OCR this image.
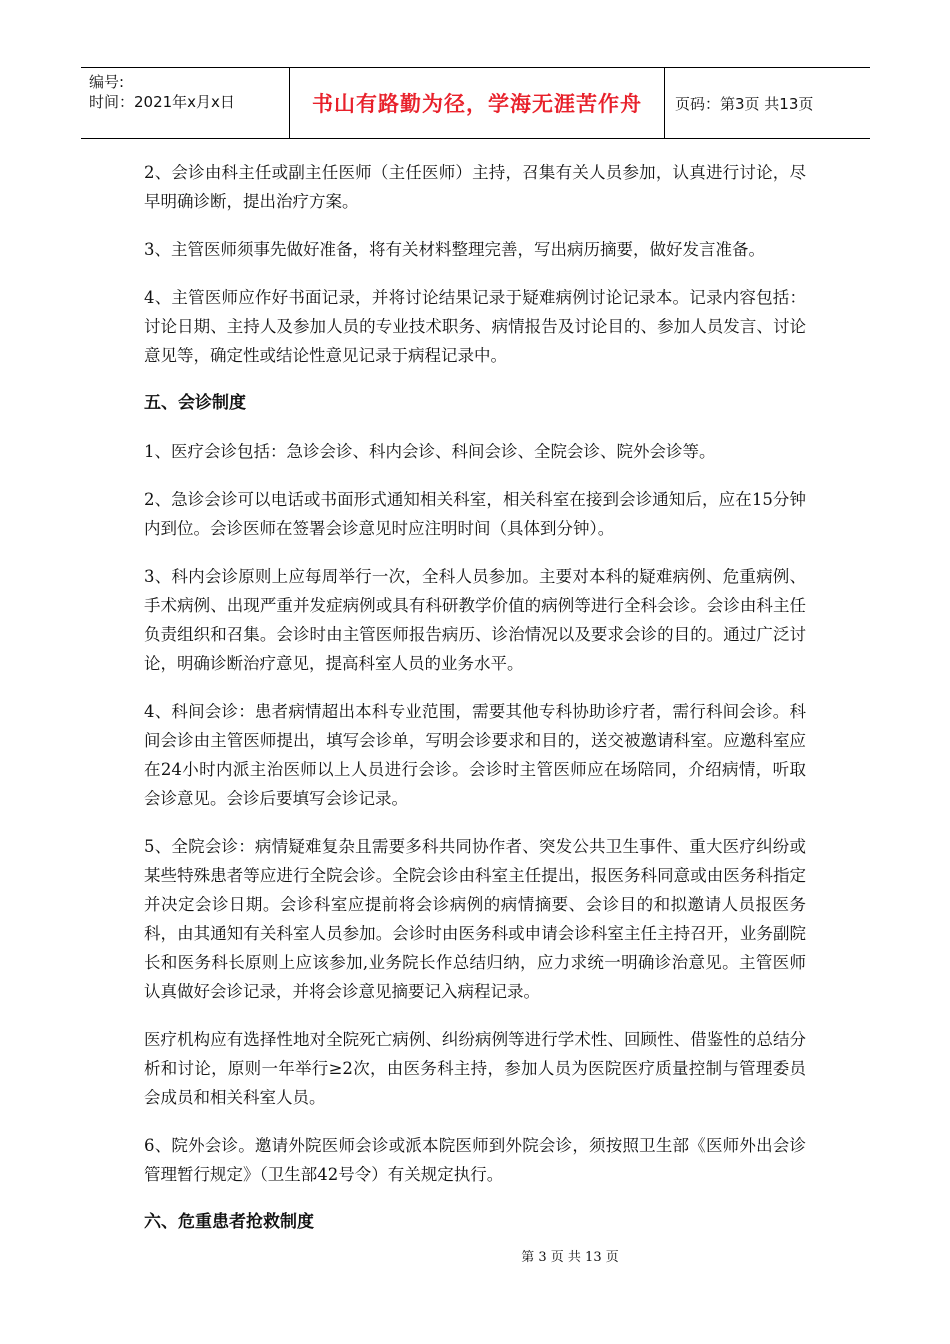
编号:
时间：2021年x月x日	书山有路勤为径，学海无涯苦作舟	页码：第3页 共13页

2、会诊由科主任或副主任医师（主任医师）主持，召集有关人员参加，认真进行讨论，尽早明确诊断，提出治疗方案。

3、主管医师须事先做好准备，将有关材料整理完善，写出病历摘要，做好发言准备。

4、主管医师应作好书面记录，并将讨论结果记录于疑难病例讨论记录本。记录内容包括：讨论日期、主持人及参加人员的专业技术职务、病情报告及讨论目的、参加人员发言、讨论意见等，确定性或结论性意见记录于病程记录中。

五、会诊制度

1、医疗会诊包括：急诊会诊、科内会诊、科间会诊、全院会诊、院外会诊等。

2、急诊会诊可以电话或书面形式通知相关科室，相关科室在接到会诊通知后，应在15分钟内到位。会诊医师在签署会诊意见时应注明时间（具体到分钟）。

3、科内会诊原则上应每周举行一次，全科人员参加。主要对本科的疑难病例、危重病例、手术病例、出现严重并发症病例或具有科研教学价值的病例等进行全科会诊。会诊由科主任负责组织和召集。会诊时由主管医师报告病历、诊治情况以及要求会诊的目的。通过广泛讨论，明确诊断治疗意见，提高科室人员的业务水平。

4、科间会诊：患者病情超出本科专业范围，需要其他专科协助诊疗者，需行科间会诊。科间会诊由主管医师提出，填写会诊单，写明会诊要求和目的，送交被邀请科室。应邀科室应在24小时内派主治医师以上人员进行会诊。会诊时主管医师应在场陪同，介绍病情，听取会诊意见。会诊后要填写会诊记录。

5、全院会诊：病情疑难复杂且需要多科共同协作者、突发公共卫生事件、重大医疗纠纷或某些特殊患者等应进行全院会诊。全院会诊由科室主任提出，报医务科同意或由医务科指定并决定会诊日期。会诊科室应提前将会诊病例的病情摘要、会诊目的和拟邀请人员报医务科，由其通知有关科室人员参加。会诊时由医务科或申请会诊科室主任主持召开，业务副院长和医务科长原则上应该参加,业务院长作总结归纳，应力求统一明确诊治意见。主管医师认真做好会诊记录，并将会诊意见摘要记入病程记录。

医疗机构应有选择性地对全院死亡病例、纠纷病例等进行学术性、回顾性、借鉴性的总结分析和讨论，原则一年举行≥2次，由医务科主持，参加人员为医院医疗质量控制与管理委员会成员和相关科室人员。

6、院外会诊。邀请外院医师会诊或派本院医师到外院会诊，须按照卫生部《医师外出会诊管理暂行规定》（卫生部42号令）有关规定执行。

六、危重患者抢救制度
第 3 页 共 13 页
